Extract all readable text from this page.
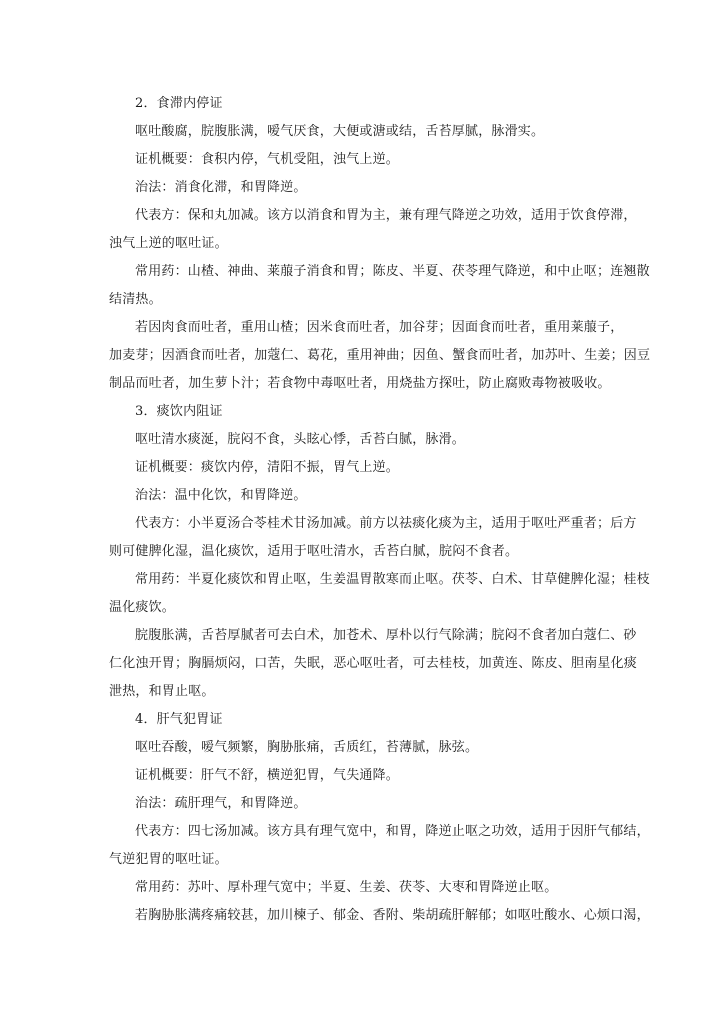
2．食滞内停证
呕吐酸腐，脘腹胀满，嗳气厌食，大便或溏或结，舌苔厚腻，脉滑实。
证机概要：食积内停，气机受阻，浊气上逆。
治法：消食化滞，和胃降逆。
代表方：保和丸加减。该方以消食和胃为主，兼有理气降逆之功效，适用于饮食停滞，
浊气上逆的呕吐证。
常用药：山楂、神曲、莱菔子消食和胃；陈皮、半夏、茯苓理气降逆，和中止呕；连翘散
结清热。
若因肉食而吐者，重用山楂；因米食而吐者，加谷芽；因面食而吐者，重用莱菔子，
加麦芽；因酒食而吐者，加蔻仁、葛花，重用神曲；因鱼、蟹食而吐者，加苏叶、生姜；因豆
制品而吐者，加生萝卜汁；若食物中毒呕吐者，用烧盐方探吐，防止腐败毒物被吸收。
3．痰饮内阻证
呕吐清水痰涎，脘闷不食，头眩心悸，舌苔白腻，脉滑。
证机概要：痰饮内停，清阳不振，胃气上逆。
治法：温中化饮，和胃降逆。
代表方：小半夏汤合苓桂术甘汤加减。前方以祛痰化痰为主，适用于呕吐严重者；后方
则可健脾化湿，温化痰饮，适用于呕吐清水，舌苔白腻，脘闷不食者。
常用药：半夏化痰饮和胃止呕，生姜温胃散寒而止呕。茯苓、白术、甘草健脾化湿；桂枝
温化痰饮。
脘腹胀满，舌苔厚腻者可去白术，加苍术、厚朴以行气除满；脘闷不食者加白蔻仁、砂
仁化浊开胃；胸膈烦闷，口苦，失眠，恶心呕吐者，可去桂枝，加黄连、陈皮、胆南星化痰
泄热，和胃止呕。
4．肝气犯胃证
呕吐吞酸，嗳气频繁，胸胁胀痛，舌质红，苔薄腻，脉弦。
证机概要：肝气不舒，横逆犯胃，气失通降。
治法：疏肝理气，和胃降逆。
代表方：四七汤加减。该方具有理气宽中，和胃，降逆止呕之功效，适用于因肝气郁结，
气逆犯胃的呕吐证。
常用药：苏叶、厚朴理气宽中；半夏、生姜、茯苓、大枣和胃降逆止呕。
若胸胁胀满疼痛较甚，加川楝子、郁金、香附、柴胡疏肝解郁；如呕吐酸水、心烦口渴，
